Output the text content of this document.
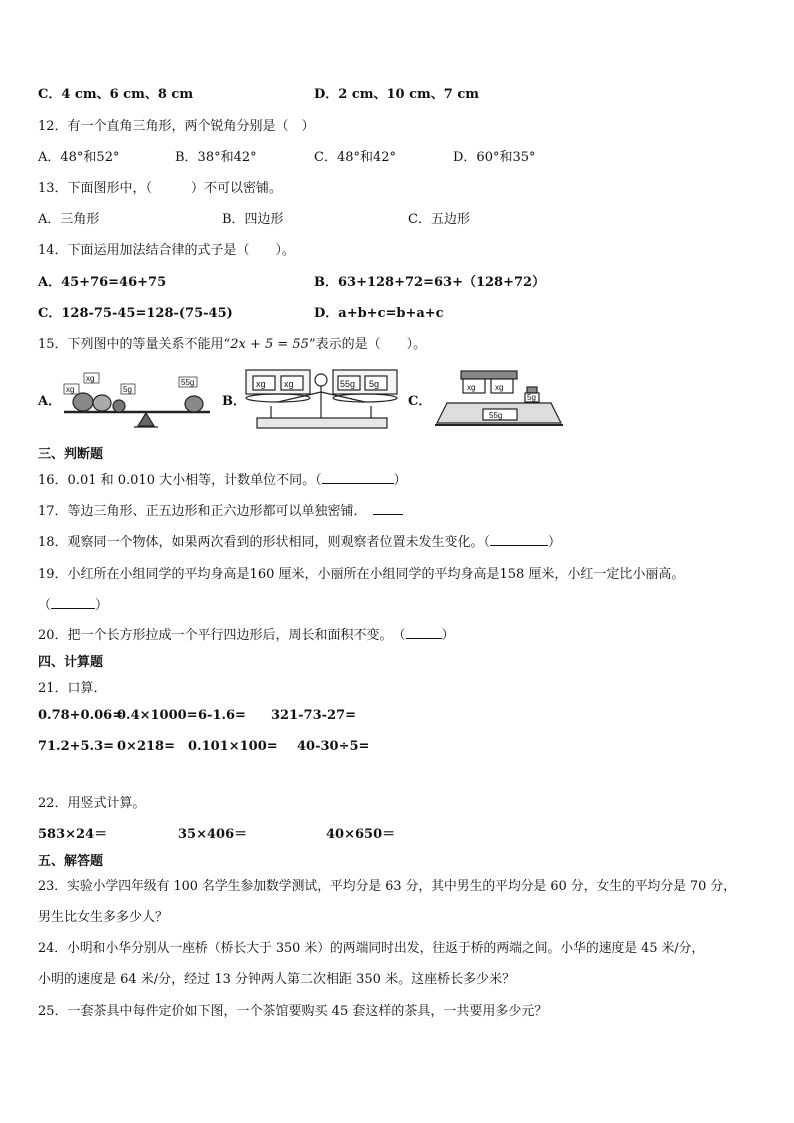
C．4 cm、6 cm、8 cm	D．2 cm、10 cm、7 cm
12．有一个直角三角形，两个锐角分别是（　）
A．48°和52°	B．38°和42°	C．48°和42°	D．60°和35°
13．下面图形中，（　　　）不可以密铺。
A．三角形	B．四边形	C．五边形
14．下面运用加法结合律的式子是（　　）。
A．45+76=46+75	B．63+128+72=63+（128+72）
C．128-75-45=128-(75-45)	D．a+b+c=b+a+c
15．下列图中的等量关系不能用“2x + 5 = 55”表示的是（　　）。
A．	B．	C．
xg
xg
5g
55g	xg xg	55g 5g	xg xg
5g
55g
三、判断题
16．0.01 和 0.010 大小相等，计数单位不同。（	）
17．等边三角形、正五边形和正六边形都可以单独密铺．
18．观察同一个物体，如果两次看到的形状相同，则观察者位置未发生变化。（	）
19．小红所在小组同学的平均身高是160 厘米，小丽所在小组同学的平均身高是158 厘米，小红一定比小丽高。
（	）
20．把一个长方形拉成一个平行四边形后，周长和面积不变。　（	）
四、计算题
21．口算．
0.78+0.06=
0.4×1000= 6-1.6= 321-73-27=
71.2+5.3= 0×218= 0.101×100= 40-30÷5=
22．用竖式计算。
583×24＝	35×406＝	40×650＝
五、解答题
23．实验小学四年级有 100 名学生参加数学测试，平均分是 63 分，其中男生的平均分是 60 分，女生的平均分是 70 分，
男生比女生多多少人？
24．小明和小华分别从一座桥（桥长大于 350 米）的两端同时出发，往返于桥的两端之间。小华的速度是 45 米/分，
小明的速度是 64 米/分，经过 13 分钟两人第二次相距 350 米。这座桥长多少米？
25．一套茶具中每件定价如下图，一个茶馆要购买 45 套这样的茶具，一共要用多少元？
